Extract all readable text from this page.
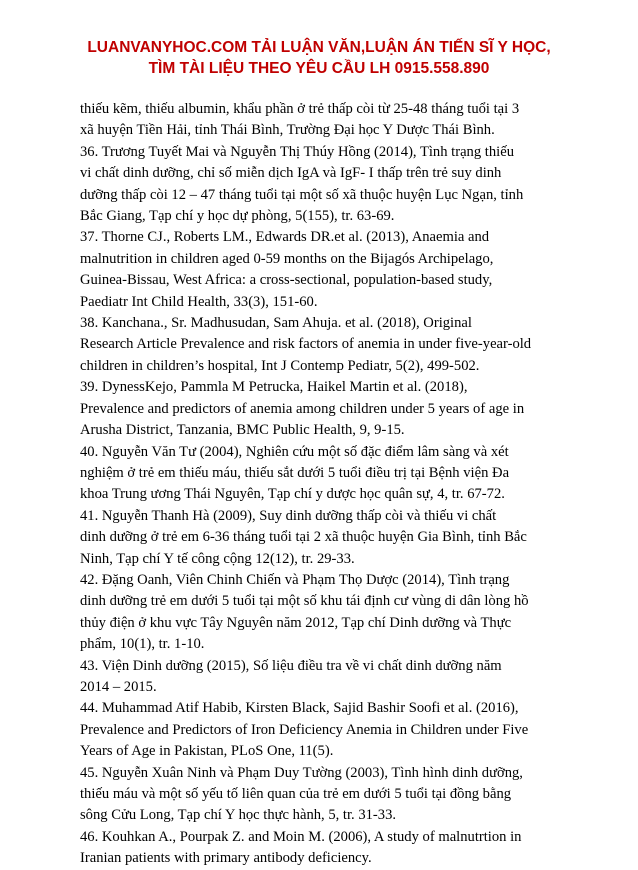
LUANVANYHOC.COM TẢI LUẬN VĂN,LUẬN ÁN TIẾN SĨ Y HỌC,
TÌM TÀI LIỆU THEO YÊU CẦU LH 0915.558.890
thiếu kẽm, thiếu albumin, khẩu phần ở trẻ thấp còi từ 25-48 tháng tuổi tại 3
xã huyện Tiền Hải, tỉnh Thái Bình, Trường Đại học Y Dược Thái Bình.
36. Trương Tuyết Mai và Nguyễn Thị Thúy Hồng (2014), Tình trạng thiếu
vi chất dinh dưỡng, chỉ số miễn dịch IgA và IgF- I thấp trên trẻ suy dinh
dưỡng thấp còi 12 – 47 tháng tuổi tại một số xã thuộc huyện Lục Ngạn, tỉnh
Bắc Giang, Tạp chí y học dự phòng, 5(155), tr. 63-69.
37. Thorne CJ., Roberts LM., Edwards DR.et al. (2013), Anaemia and
malnutrition in children aged 0-59 months on the Bijagós Archipelago,
Guinea-Bissau, West Africa: a cross-sectional, population-based study,
Paediatr Int Child Health, 33(3), 151-60.
38. Kanchana., Sr. Madhusudan, Sam Ahuja. et al. (2018), Original
Research Article Prevalence and risk factors of anemia in under five-year-old
children in children’s hospital, Int J Contemp Pediatr, 5(2), 499-502.
39. DynessKejo, Pammla M Petrucka, Haikel Martin et al. (2018),
Prevalence and predictors of anemia among children under 5 years of age in
Arusha District, Tanzania, BMC Public Health, 9, 9-15.
40. Nguyễn Văn Tư (2004), Nghiên cứu một số đặc điểm lâm sàng và xét
nghiệm ở trẻ em thiếu máu, thiếu sắt dưới 5 tuổi điều trị tại Bệnh viện Đa
khoa Trung ương Thái Nguyên, Tạp chí y dược học quân sự, 4, tr. 67-72.
41. Nguyễn Thanh Hà (2009), Suy dinh dưỡng thấp còi và thiếu vi chất
dinh dưỡng ở trẻ em 6-36 tháng tuổi tại 2 xã thuộc huyện Gia Bình, tỉnh Bắc
Ninh, Tạp chí Y tế công cộng 12(12), tr. 29-33.
42. Đặng Oanh, Viên Chinh Chiến và Phạm Thọ Dược (2014), Tình trạng
dinh dưỡng trẻ em dưới 5 tuổi tại một số khu tái định cư vùng di dân lòng hồ
thủy điện ở khu vực Tây Nguyên năm 2012, Tạp chí Dinh dưỡng và Thực
phẩm, 10(1), tr. 1-10.
43. Viện Dinh dưỡng (2015), Số liệu điều tra về vi chất dinh dưỡng năm
2014 – 2015.
44. Muhammad Atif Habib, Kirsten Black, Sajid Bashir Soofi et al. (2016),
Prevalence and Predictors of Iron Deficiency Anemia in Children under Five
Years of Age in Pakistan, PLoS One, 11(5).
45. Nguyễn Xuân Ninh và Phạm Duy Tường (2003), Tình hình dinh dưỡng,
thiếu máu và một số yếu tố liên quan của trẻ em dưới 5 tuổi tại đồng bằng
sông Cửu Long, Tạp chí Y học thực hành, 5, tr. 31-33.
46. Kouhkan A., Pourpak Z. and Moin M. (2006), A study of malnutrtion in
Iranian patients with primary antibody deficiency.
